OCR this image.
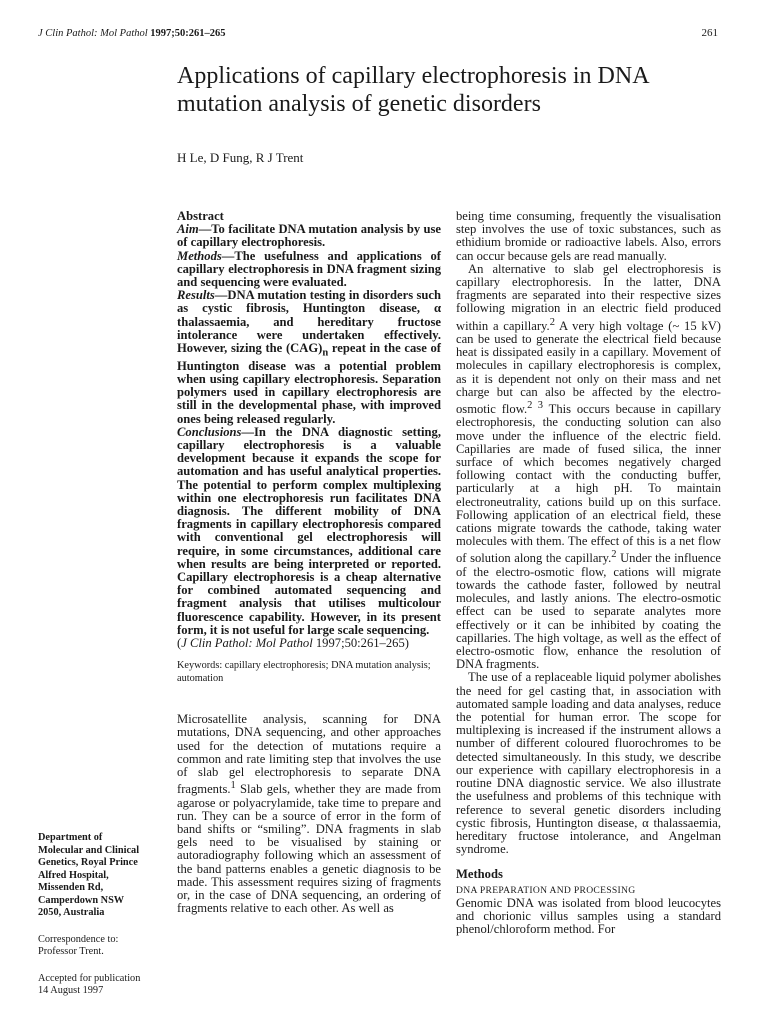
J Clin Pathol: Mol Pathol 1997;50:261–265	261
Applications of capillary electrophoresis in DNA mutation analysis of genetic disorders
H Le, D Fung, R J Trent
Department of
Molecular and Clinical
Genetics, Royal Prince
Alfred Hospital,
Missenden Rd,
Camperdown NSW
2050, Australia
Correspondence to:
Professor Trent.
Accepted for publication
14 August 1997

Abstract

Aim—To facilitate DNA mutation analysis by use of capillary electrophoresis.

Methods—The usefulness and applications of capillary electrophoresis in DNA fragment sizing and sequencing were evaluated.

Results—DNA mutation testing in disorders such as cystic fibrosis, Huntington disease, α thalassaemia, and hereditary fructose intolerance were undertaken effectively. However, sizing the $(CAG)_n$ repeat in the case of Huntington disease was a potential problem when using capillary electrophoresis. Separation polymers used in capillary electrophoresis are still in the developmental phase, with improved ones being released regularly.

Conclusions—In the DNA diagnostic setting, capillary electrophoresis is a valuable development because it expands the scope for automation and has useful analytical properties. The potential to perform complex multiplexing within one electrophoresis run facilitates DNA diagnosis. The different mobility of DNA fragments in capillary electrophoresis compared with conventional gel electrophoresis will require, in some circumstances, additional care when results are being interpreted or reported. Capillary electrophoresis is a cheap alternative for combined automated sequencing and fragment analysis that utilises multicolour fluorescence capability. However, in its present form, it is not useful for large scale sequencing.

(J Clin Pathol: Mol Pathol 1997;50:261–265)

Keywords: capillary electrophoresis; DNA mutation analysis; automation

Microsatellite analysis, scanning for DNA mutations, DNA sequencing, and other approaches used for the detection of mutations require a common and rate limiting step that involves the use of slab gel electrophoresis to separate DNA fragments.$^1$ Slab gels, whether they are made from agarose or polyacrylamide, take time to prepare and run. They can be a source of error in the form of band shifts or “smiling”. DNA fragments in slab gels need to be visualised by staining or autoradiography following which an assessment of the band patterns enables a genetic diagnosis to be made. This assessment requires sizing of fragments or, in the case of DNA sequencing, an ordering of fragments relative to each other. As well as

being time consuming, frequently the visualisation step involves the use of toxic substances, such as ethidium bromide or radioactive labels. Also, errors can occur because gels are read manually.

An alternative to slab gel electrophoresis is capillary electrophoresis. In the latter, DNA fragments are separated into their respective sizes following migration in an electric field produced within a capillary.$^2$ A very high voltage (~ 15 kV) can be used to generate the electrical field because heat is dissipated easily in a capillary. Movement of molecules in capillary electrophoresis is complex, as it is dependent not only on their mass and net charge but can also be affected by the electro-osmotic flow.$^{2 3}$ This occurs because in capillary electrophoresis, the conducting solution can also move under the influence of the electric field. Capillaries are made of fused silica, the inner surface of which becomes negatively charged following contact with the conducting buffer, particularly at a high pH. To maintain electroneutrality, cations build up on this surface. Following application of an electrical field, these cations migrate towards the cathode, taking water molecules with them. The effect of this is a net flow of solution along the capillary.$^2$ Under the influence of the electro-osmotic flow, cations will migrate towards the cathode faster, followed by neutral molecules, and lastly anions. The electro-osmotic effect can be used to separate analytes more effectively or it can be inhibited by coating the capillaries. The high voltage, as well as the effect of electro-osmotic flow, enhance the resolution of DNA fragments.

The use of a replaceable liquid polymer abolishes the need for gel casting that, in association with automated sample loading and data analyses, reduce the potential for human error. The scope for multiplexing is increased if the instrument allows a number of different coloured fluorochromes to be detected simultaneously. In this study, we describe our experience with capillary electrophoresis in a routine DNA diagnostic service. We also illustrate the usefulness and problems of this technique with reference to several genetic disorders including cystic fibrosis, Huntington disease, α thalassaemia, hereditary fructose intolerance, and Angelman syndrome.

Methods
DNA PREPARATION AND PROCESSING

Genomic DNA was isolated from blood leucocytes and chorionic villus samples using a standard phenol/chloroform method. For
